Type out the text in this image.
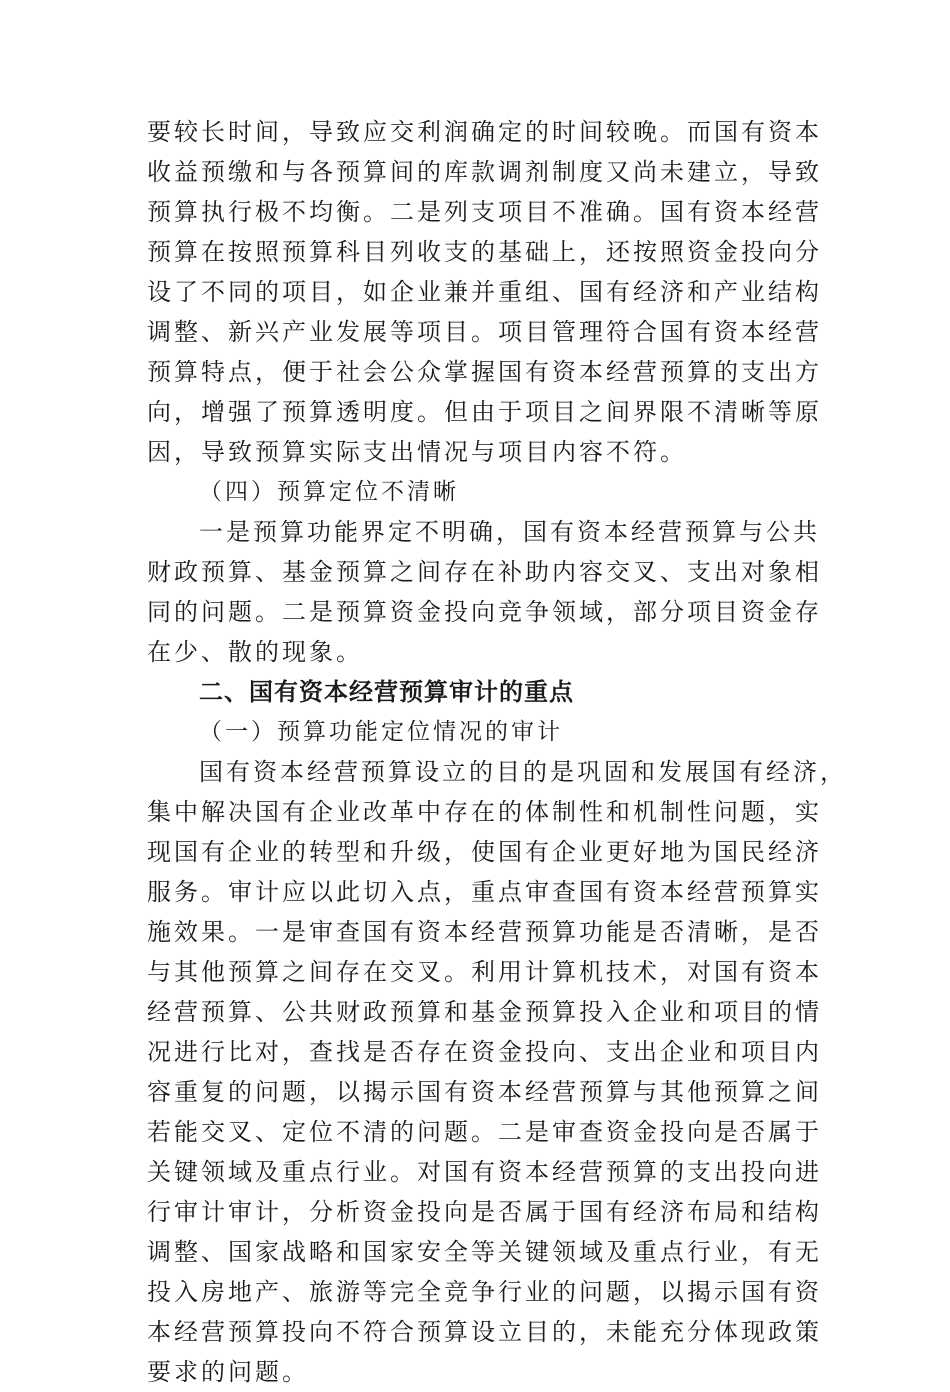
要较长时间，导致应交利润确定的时间较晚。而国有资本

收益预缴和与各预算间的库款调剂制度又尚未建立，导致

预算执行极不均衡。二是列支项目不准确。国有资本经营

预算在按照预算科目列收支的基础上，还按照资金投向分

设了不同的项目，如企业兼并重组、国有经济和产业结构

调整、新兴产业发展等项目。项目管理符合国有资本经营

预算特点，便于社会公众掌握国有资本经营预算的支出方

向，增强了预算透明度。但由于项目之间界限不清晰等原

因，导致预算实际支出情况与项目内容不符。

（四）预算定位不清晰

一是预算功能界定不明确，国有资本经营预算与公共

财政预算、基金预算之间存在补助内容交叉、支出对象相

同的问题。二是预算资金投向竞争领域，部分项目资金存

在少、散的现象。

二、国有资本经营预算审计的重点

（一）预算功能定位情况的审计

国有资本经营预算设立的目的是巩固和发展国有经济，

集中解决国有企业改革中存在的体制性和机制性问题，实

现国有企业的转型和升级，使国有企业更好地为国民经济

服务。审计应以此切入点，重点审查国有资本经营预算实

施效果。一是审查国有资本经营预算功能是否清晰，是否

与其他预算之间存在交叉。利用计算机技术，对国有资本

经营预算、公共财政预算和基金预算投入企业和项目的情

况进行比对，查找是否存在资金投向、支出企业和项目内

容重复的问题，以揭示国有资本经营预算与其他预算之间

若能交叉、定位不清的问题。二是审查资金投向是否属于

关键领域及重点行业。对国有资本经营预算的支出投向进

行审计审计，分析资金投向是否属于国有经济布局和结构

调整、国家战略和国家安全等关键领域及重点行业，有无

投入房地产、旅游等完全竞争行业的问题，以揭示国有资

本经营预算投向不符合预算设立目的，未能充分体现政策

要求的问题。
